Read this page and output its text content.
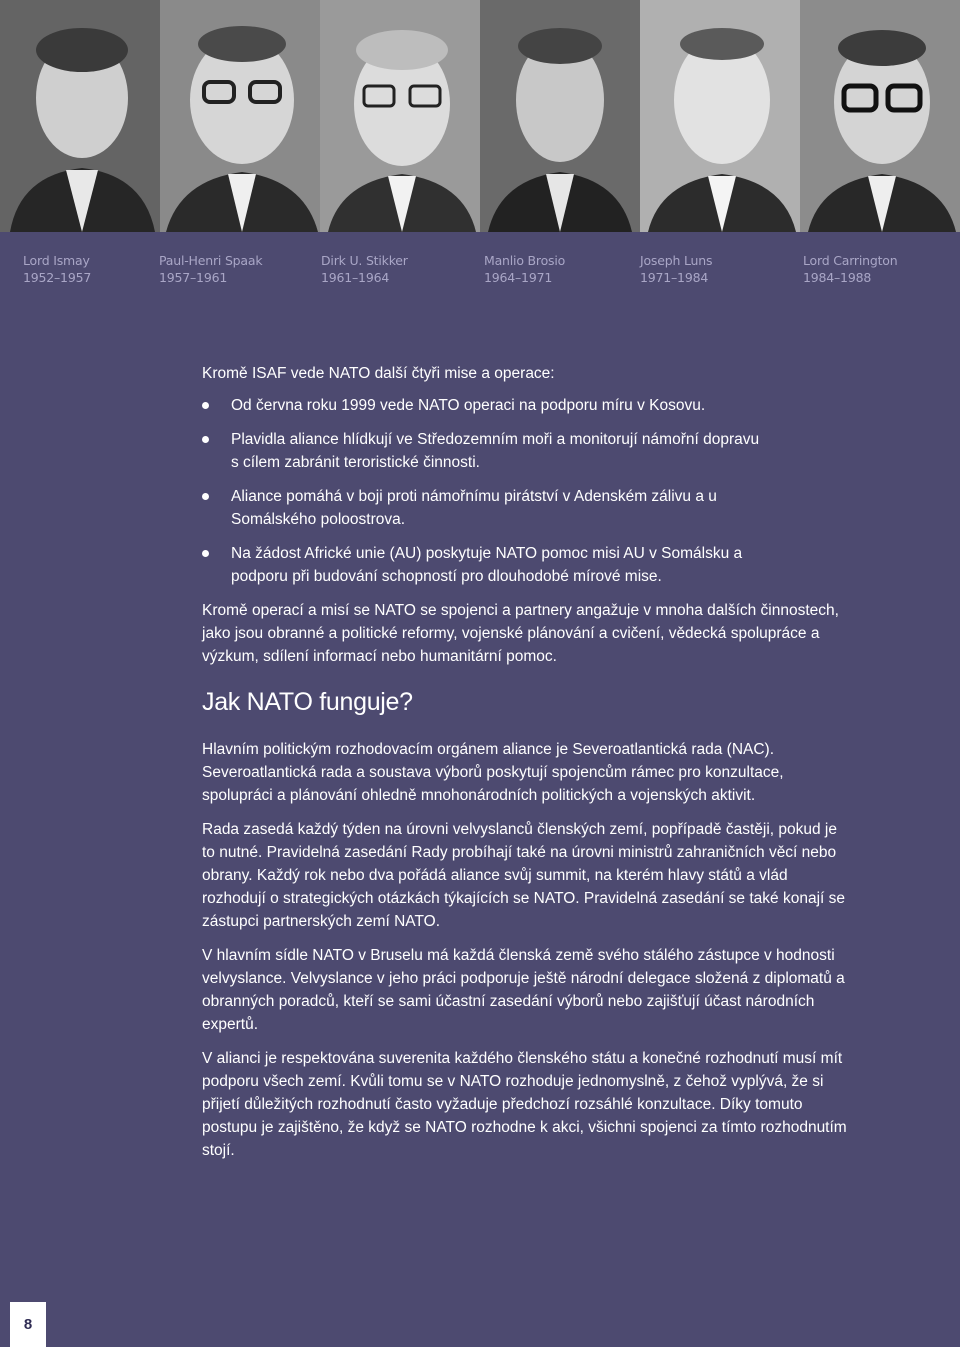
Lord Ismay
1952–1957
Paul-Henri Spaak
1957–1961
Dirk U. Stikker
1961–1964
Manlio Brosio
1964–1971
Joseph Luns
1971–1984
Lord Carrington
1984–1988

Kromě ISAF vede NATO další čtyři mise a operace:

Od června roku 1999 vede NATO operaci na podporu míru v Kosovu.
Plavidla aliance hlídkují ve Středozemním moři a monitorují námořní dopravu s cílem zabránit teroristické činnosti.
Aliance pomáhá v boji proti námořnímu pirátství v Adenském zálivu a u Somálského poloostrova.
Na žádost Africké unie (AU) poskytuje NATO pomoc misi AU v Somálsku a podporu při budování schopností pro dlouhodobé mírové mise.

Kromě operací a misí se NATO se spojenci a partnery angažuje v mnoha dalších činnostech, jako jsou obranné a politické reformy, vojenské plánování a cvičení, vědecká spolupráce a výzkum, sdílení informací nebo humanitární pomoc.

Jak NATO funguje?

Hlavním politickým rozhodovacím orgánem aliance je Severoatlantická rada (NAC). Severoatlantická rada a soustava výborů poskytují spojencům rámec pro konzultace, spolupráci a plánování ohledně mnohonárodních politických a vojenských aktivit.

Rada zasedá každý týden na úrovni velvyslanců členských zemí, popřípadě častěji, pokud je to nutné. Pravidelná zasedání Rady probíhají také na úrovni ministrů zahraničních věcí nebo obrany. Každý rok nebo dva pořádá aliance svůj summit, na kterém hlavy států a vlád rozhodují o strategických otázkách týkajících se NATO. Pravidelná zasedání se také konají se zástupci partnerských zemí NATO.

V hlavním sídle NATO v Bruselu má každá členská země svého stálého zástupce v hodnosti velvyslance. Velvyslance v jeho práci podporuje ještě národní delegace složená z diplomatů a obranných poradců, kteří se sami účastní zasedání výborů nebo zajišťují účast národních expertů.

V alianci je respektována suverenita každého členského státu a konečné rozhodnutí musí mít podporu všech zemí. Kvůli tomu se v NATO rozhoduje jednomyslně, z čehož vyplývá, že si přijetí důležitých rozhodnutí často vyžaduje předchozí rozsáhlé konzultace. Díky tomuto postupu je zajištěno, že když se NATO rozhodne k akci, všichni spojenci za tímto rozhodnutím stojí.

8
